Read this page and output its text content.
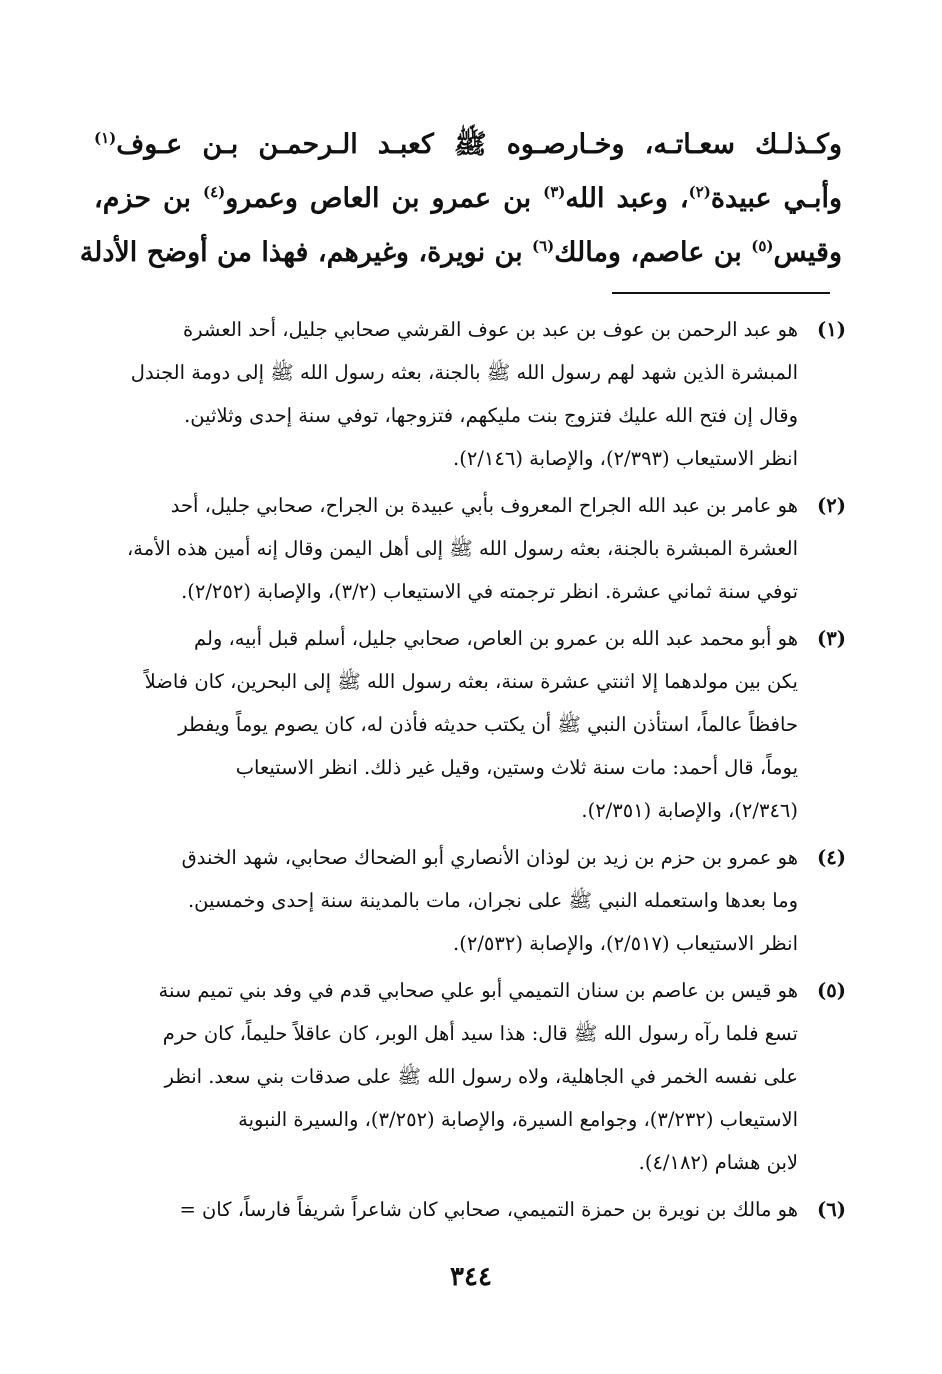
وكـذلـك سعـاتـه، وخـارصـوه ﷺ كعبـد الـرحمـن بـن عـوف$^{(١)}$
وأبـي عبيدة$^{(٢)}$، وعبد الله$^{(٣)}$ بن عمرو بن العاص وعمرو$^{(٤)}$ بن حزم،
وقيس$^{(٥)}$ بن عاصم، ومالك$^{(٦)}$ بن نويرة، وغيرهم، فهذا من أوضح الأدلة
(١)
هو عبد الرحمن بن عوف بن عبد بن عوف القرشي صحابي جليل، أحد العشرة
المبشرة الذين شهد لهم رسول الله ﷺ بالجنة، بعثه رسول الله ﷺ إلى دومة الجندل
وقال إن فتح الله عليك فتزوج بنت مليكهم، فتزوجها، توفي سنة إحدى وثلاثين.
انظر الاستيعاب (٢/٣٩٣)، والإصابة (٢/١٤٦).
(٢)
هو عامر بن عبد الله الجراح المعروف بأبي عبيدة بن الجراح، صحابي جليل، أحد
العشرة المبشرة بالجنة، بعثه رسول الله ﷺ إلى أهل اليمن وقال إنه أمين هذه الأمة،
توفي سنة ثماني عشرة. انظر ترجمته في الاستيعاب (٣/٢)، والإصابة (٢/٢٥٢).
(٣)
هو أبو محمد عبد الله بن عمرو بن العاص، صحابي جليل، أسلم قبل أبيه، ولم
يكن بين مولدهما إلا اثنتي عشرة سنة، بعثه رسول الله ﷺ إلى البحرين، كان فاضلاً
حافظاً عالماً، استأذن النبي ﷺ أن يكتب حديثه فأذن له، كان يصوم يوماً ويفطر
يوماً، قال أحمد: مات سنة ثلاث وستين، وقيل غير ذلك. انظر الاستيعاب
(٢/٣٤٦)، والإصابة (٢/٣٥١).
(٤)
هو عمرو بن حزم بن زيد بن لوذان الأنصاري أبو الضحاك صحابي، شهد الخندق
وما بعدها واستعمله النبي ﷺ على نجران، مات بالمدينة سنة إحدى وخمسين.
انظر الاستيعاب (٢/٥١٧)، والإصابة (٢/٥٣٢).
(٥)
هو قيس بن عاصم بن سنان التميمي أبو علي صحابي قدم في وفد بني تميم سنة
تسع فلما رآه رسول الله ﷺ قال: هذا سيد أهل الوبر، كان عاقلاً حليماً، كان حرم
على نفسه الخمر في الجاهلية، ولاه رسول الله ﷺ على صدقات بني سعد. انظر
الاستيعاب (٣/٢٣٢)، وجوامع السيرة، والإصابة (٣/٢٥٢)، والسيرة النبوية
لابن هشام (٤/١٨٢).
(٦)
هو مالك بن نويرة بن حمزة التميمي، صحابي كان شاعراً شريفاً فارساً، كان =
٣٤٤
